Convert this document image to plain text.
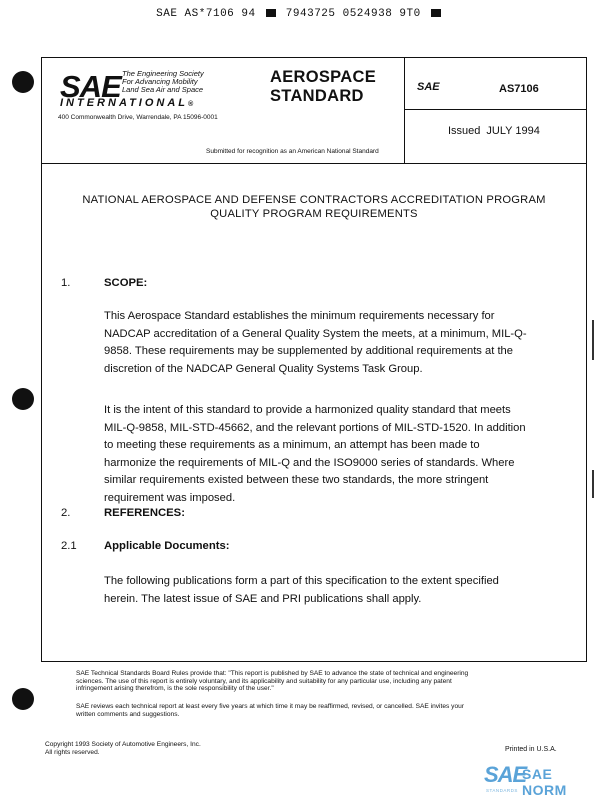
SAE AS*7106 94	7943725 0524938 9T0
SAE The Engineering Society
For Advancing Mobility
Land Sea Air and Space
INTERNATIONAL®
400 Commonwealth Drive, Warrendale, PA 15096-0001
AEROSPACE
STANDARD
Submitted for recognition as an American National Standard
SAE	AS7106
Issued JULY 1994
NATIONAL AEROSPACE AND DEFENSE CONTRACTORS ACCREDITATION PROGRAM
QUALITY PROGRAM REQUIREMENTS
1.	SCOPE:
This Aerospace Standard establishes the minimum requirements necessary for
NADCAP accreditation of a General Quality System the meets, at a minimum, MIL-Q-
9858. These requirements may be supplemented by additional requirements at the
discretion of the NADCAP General Quality Systems Task Group.
It is the intent of this standard to provide a harmonized quality standard that meets
MIL-Q-9858, MIL-STD-45662, and the relevant portions of MIL-STD-1520. In addition
to meeting these requirements as a minimum, an attempt has been made to
harmonize the requirements of MIL-Q and the ISO9000 series of standards. Where
similar requirements existed between these two standards, the more stringent
requirement was imposed.
2.	REFERENCES:
2.1 Applicable Documents:
The following publications form a part of this specification to the extent specified
herein. The latest issue of SAE and PRI publications shall apply.
SAE Technical Standards Board Rules provide that: "This report is published by SAE to advance the state of technical and engineering
sciences. The use of this report is entirely voluntary, and its applicability and suitability for any particular use, including any patent
infringement arising therefrom, is the sole responsibility of the user."
SAE reviews each technical report at least every five years at which time it may be reaffirmed, revised, or cancelled. SAE invites your
written comments and suggestions.
Copyright 1993 Society of Automotive Engineers, Inc.
All rights reserved.	Printed in U.S.A.
SAE
SAE NORM
STANDARDS
